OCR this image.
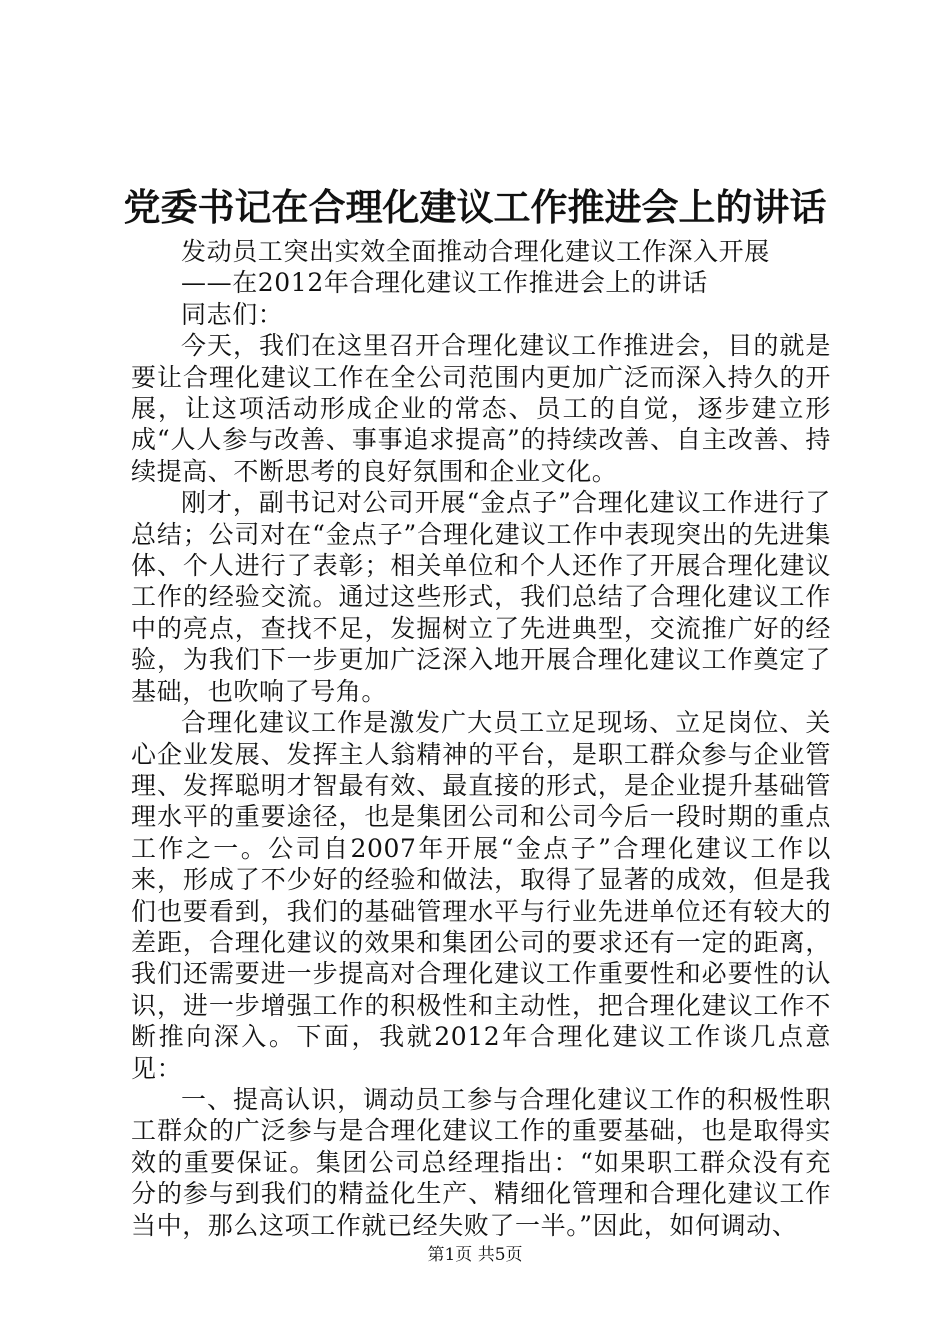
党委书记在合理化建议工作推进会上的讲话

发动员工突出实效全面推动合理化建议工作深入开展

——在2012年合理化建议工作推进会上的讲话

同志们：

今天，我们在这里召开合理化建议工作推进会，目的就是要让合理化建议工作在全公司范围内更加广泛而深入持久的开展，让这项活动形成企业的常态、员工的自觉，逐步建立形成“人人参与改善、事事追求提高”的持续改善、自主改善、持续提高、不断思考的良好氛围和企业文化。

刚才，副书记对公司开展“金点子”合理化建议工作进行了总结；公司对在“金点子”合理化建议工作中表现突出的先进集体、个人进行了表彰；相关单位和个人还作了开展合理化建议工作的经验交流。通过这些形式，我们总结了合理化建议工作中的亮点，查找不足，发掘树立了先进典型，交流推广好的经验，为我们下一步更加广泛深入地开展合理化建议工作奠定了基础，也吹响了号角。

合理化建议工作是激发广大员工立足现场、立足岗位、关心企业发展、发挥主人翁精神的平台，是职工群众参与企业管理、发挥聪明才智最有效、最直接的形式，是企业提升基础管理水平的重要途径，也是集团公司和公司今后一段时期的重点工作之一。公司自2007年开展“金点子”合理化建议工作以来，形成了不少好的经验和做法，取得了显著的成效，但是我们也要看到，我们的基础管理水平与行业先进单位还有较大的差距，合理化建议的效果和集团公司的要求还有一定的距离，我们还需要进一步提高对合理化建议工作重要性和必要性的认识，进一步增强工作的积极性和主动性，把合理化建议工作不断推向深入。下面，我就2012年合理化建议工作谈几点意见：

一、提高认识，调动员工参与合理化建议工作的积极性职工群众的广泛参与是合理化建议工作的重要基础，也是取得实效的重要保证。集团公司总经理指出：“如果职工群众没有充分的参与到我们的精益化生产、精细化管理和合理化建议工作当中，那么这项工作就已经失败了一半。”因此，如何调动、

第1页 共5页
